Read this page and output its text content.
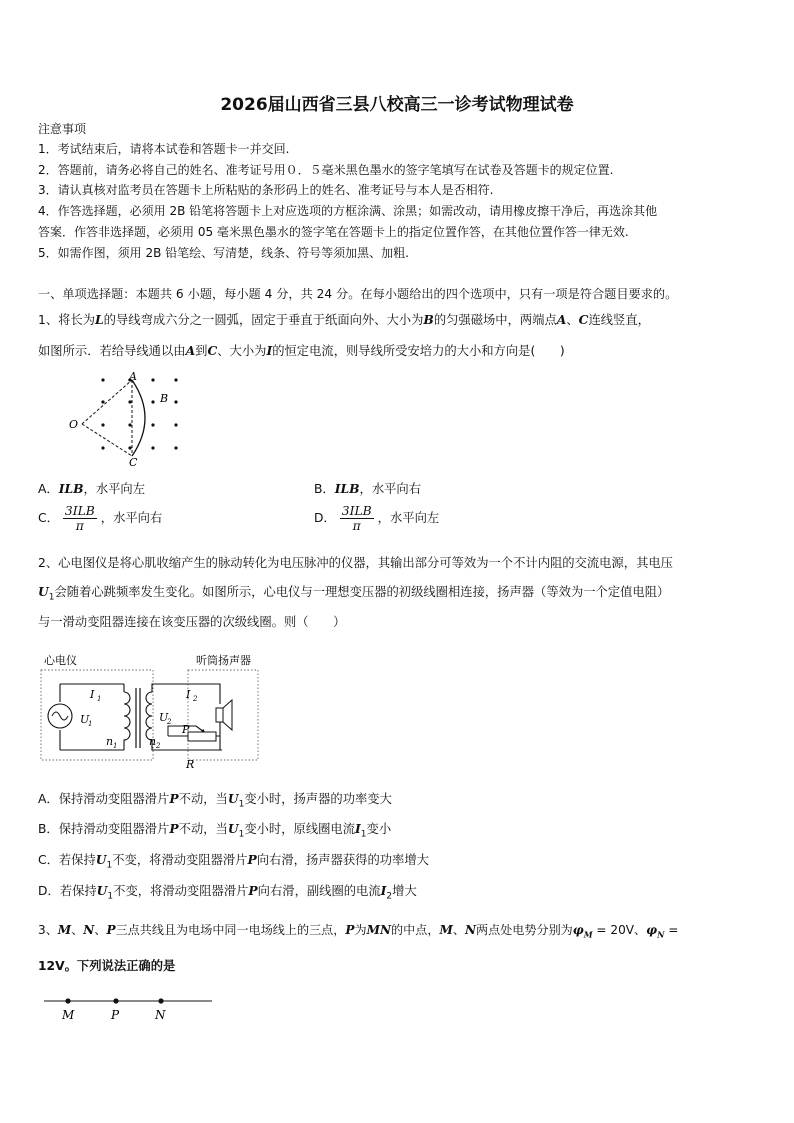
2026届山西省三县八校高三一诊考试物理试卷
注意事项
1．考试结束后，请将本试卷和答题卡一并交回.
2．答题前，请务必将自己的姓名、准考证号用０．５毫米黑色墨水的签字笔填写在试卷及答题卡的规定位置.
3．请认真核对监考员在答题卡上所粘贴的条形码上的姓名、准考证号与本人是否相符.
4．作答选择题，必须用 2B 铅笔将答题卡上对应选项的方框涂满、涂黑；如需改动，请用橡皮擦干净后，再选涂其他
答案．作答非选择题，必须用 05 毫米黑色墨水的签字笔在答题卡上的指定位置作答，在其他位置作答一律无效.
5．如需作图，须用 2B 铅笔绘、写清楚，线条、符号等须加黑、加粗.
一、单项选择题：本题共 6 小题，每小题 4 分，共 24 分。在每小题给出的四个选项中，只有一项是符合题目要求的。
1、将长为L的导线弯成六分之一圆弧，固定于垂直于纸面向外、大小为B的匀强磁场中，两端点A、C连线竖直，
如图所示．若给导线通以由A到C、大小为I的恒定电流，则导线所受安培力的大小和方向是(　　)
A
B
C
O
A．ILB，水平向左	B．ILB，水平向右
C． $\frac{\text{3ILB}}{\pi}$ ，水平向右	D． $\frac{\text{3ILB}}{\pi}$ ，水平向左
2、心电图仪是将心肌收缩产生的脉动转化为电压脉冲的仪器，其输出部分可等效为一个不计内阻的交流电源，其电压
$U_1$会随着心跳频率发生变化。如图所示，心电仪与一理想变压器的初级线圈相连接，扬声器（等效为一个定值电阻）
与一滑动变阻器连接在该变压器的次级线圈。则（　　）
心电仪	听筒扬声器
I 1
U
1
n 1
U
2
n 2
I 2
P
R
A．保持滑动变阻器滑片P不动，当$U_1$变小时，扬声器的功率变大
B．保持滑动变阻器滑片P不动，当$U_1$变小时，原线圈电流$I_1$变小
C．若保持$U_1$不变，将滑动变阻器滑片P向右滑，扬声器获得的功率增大
D．若保持$U_1$不变，将滑动变阻器滑片P向右滑，副线圈的电流$I_2$增大
3、M、N、P三点共线且为电场中同一电场线上的三点，P为MN的中点，M、N两点处电势分别为$\varphi_M = 20V$、$\varphi_N$ =
12V。下列说法正确的是
M	P	N
